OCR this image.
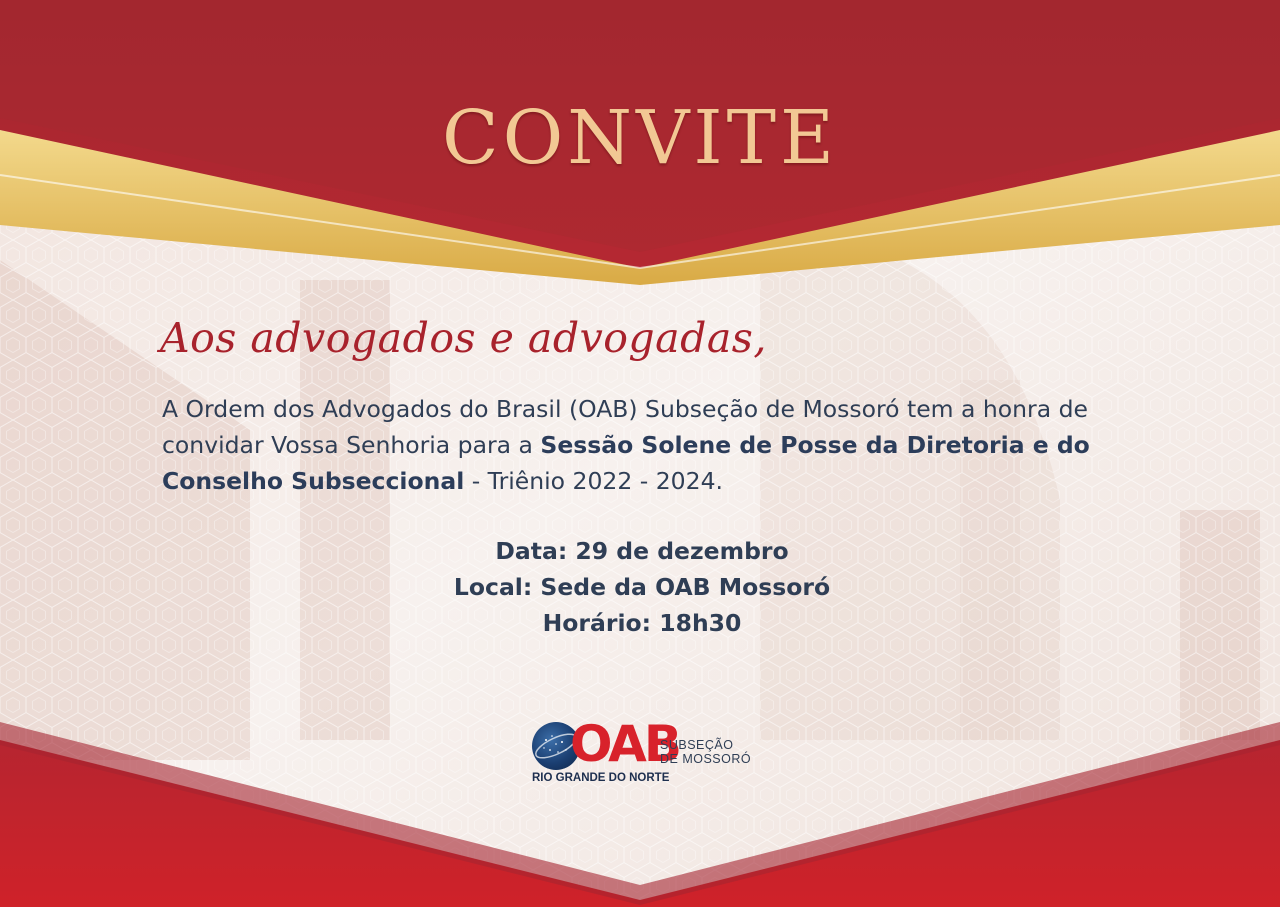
CONVITE
Aos advogados e advogadas,
A Ordem dos Advogados do Brasil (OAB) Subseção de Mossoró tem a honra de convidar Vossa Senhoria para a Sessão Solene de Posse da Diretoria e do Conselho Subseccional - Triênio 2022 - 2024.
Data: 29 de dezembro
Local: Sede da OAB Mossoró
Horário: 18h30
OAB
RIO GRANDE DO NORTE
SUBSEÇÃO
DE MOSSORÓ
